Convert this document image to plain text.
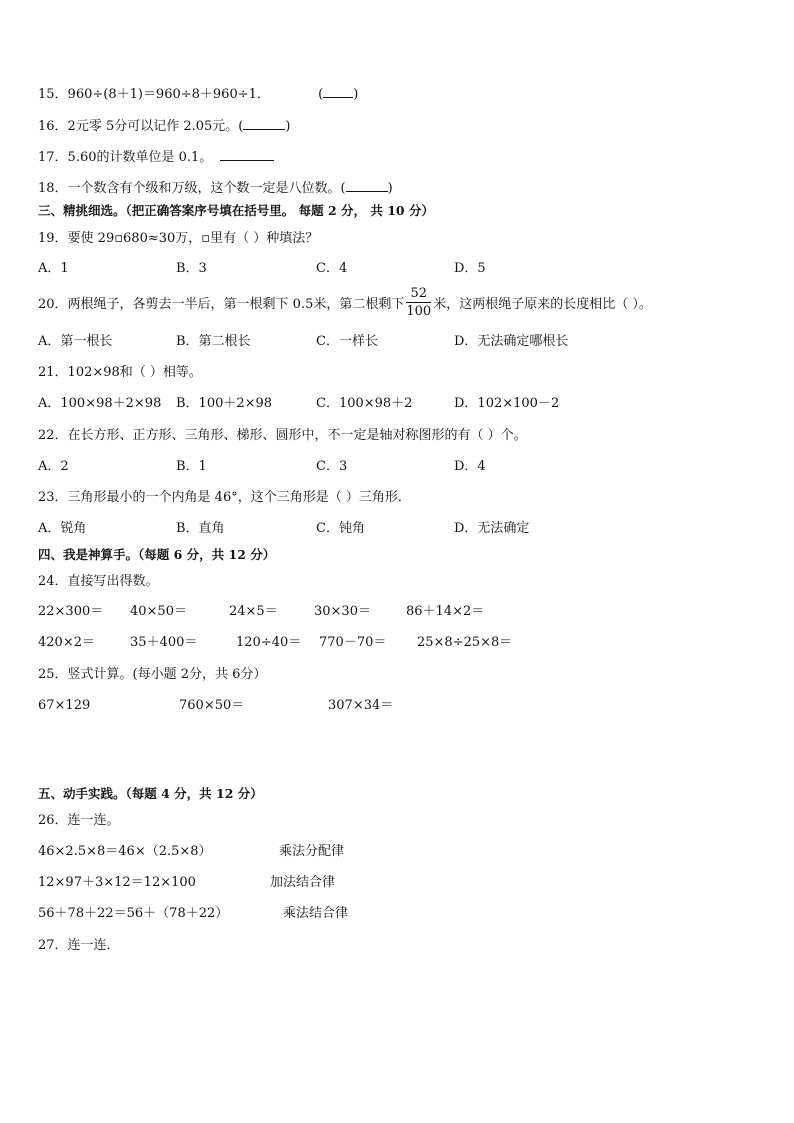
15．960÷(8＋1)＝960÷8＋960÷1．	( )
16．2元零 5分可以记作 2.05元。(	)
17．5.60的计数单位是 0.1。
18．一个数含有个级和万级，这个数一定是八位数。(	)
三、精挑细选。（把正确答案序号填在括号里。 每题 2 分， 共 10 分）
19．要使 29▫680≈30万，▫里有（ ）种填法？
A．1	B．3	C．4	D．5
20．两根绳子，各剪去一半后，第一根剩下 0.5米，第二根剩下 $\frac{52}{100}$ 米，这两根绳子原来的长度相比（ ）。
A．第一根长	B．第二根长	C．一样长	D．无法确定哪根长
21．102×98和（ ）相等。
A．100×98＋2×98 B．100＋2×98	C．100×98＋2	D．102×100－2
22．在长方形、正方形、三角形、梯形、圆形中，不一定是轴对称图形的有（ ）个。
A．2	B．1	C．3	D．4
23．三角形最小的一个内角是 46°，这个三角形是（ ）三角形．
A．锐角	B．直角	C．钝角	D．无法确定
四、我是神算手。（每题 6 分，共 12 分）
24．直接写出得数。
22×300＝ 40×50＝	24×5＝	30×30＝	86＋14×2＝
420×2＝	35＋400＝	120÷40＝ 770－70＝ 25×8÷25×8＝
25．竖式计算。(每小题 2分，共 6分）
67×129	760×50＝	307×34＝
五、动手实践。（每题 4 分，共 12 分）
26．连一连。
46×2.5×8＝46×（2.5×8）	乘法分配律
12×97＋3×12＝12×100	加法结合律
56＋78＋22＝56＋（78＋22）	乘法结合律
27．连一连．
